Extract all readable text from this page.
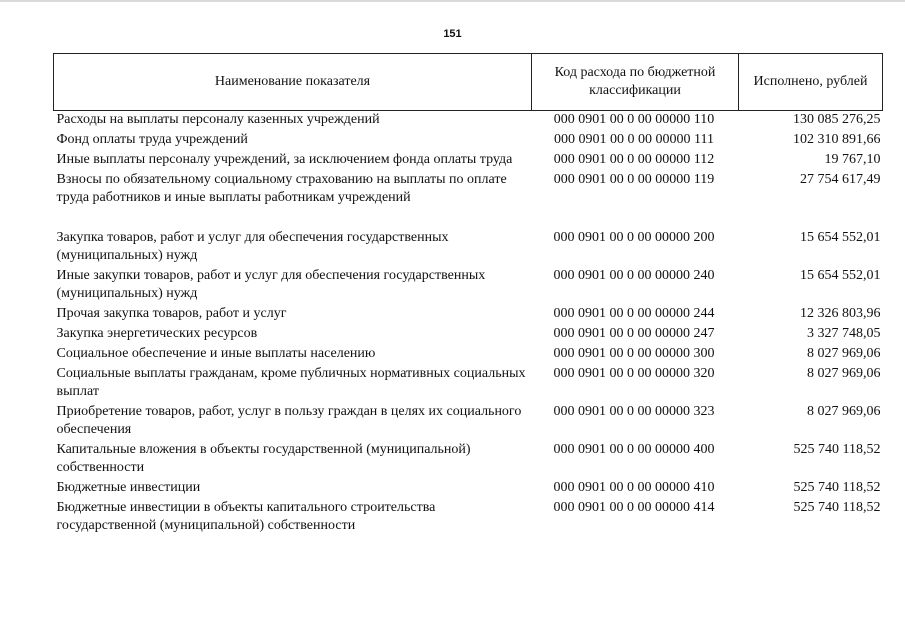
151
Наименование показателя	Код расхода по бюджетной классификации	Исполнено, рублей
Расходы на выплаты персоналу казенных учреждений	000 0901 00 0 00 00000 110	130 085 276,25
Фонд оплаты труда учреждений	000 0901 00 0 00 00000 111	102 310 891,66
Иные выплаты персоналу учреждений, за исключением фонда оплаты труда	000 0901 00 0 00 00000 112	19 767,10
Взносы по обязательному социальному страхованию на выплаты по оплате труда работников и иные выплаты работникам учреждений	000 0901 00 0 00 00000 119	27 754 617,49
Закупка товаров, работ и услуг для обеспечения государственных (муниципальных) нужд	000 0901 00 0 00 00000 200	15 654 552,01
Иные закупки товаров, работ и услуг для обеспечения государственных (муниципальных) нужд	000 0901 00 0 00 00000 240	15 654 552,01
Прочая закупка товаров, работ и услуг	000 0901 00 0 00 00000 244	12 326 803,96
Закупка энергетических ресурсов	000 0901 00 0 00 00000 247	3 327 748,05
Социальное обеспечение и иные выплаты населению	000 0901 00 0 00 00000 300	8 027 969,06
Социальные выплаты гражданам, кроме публичных нормативных социальных выплат	000 0901 00 0 00 00000 320	8 027 969,06
Приобретение товаров, работ, услуг в пользу граждан в целях их социального обеспечения	000 0901 00 0 00 00000 323	8 027 969,06
Капитальные вложения в объекты государственной (муниципальной) собственности	000 0901 00 0 00 00000 400	525 740 118,52
Бюджетные инвестиции	000 0901 00 0 00 00000 410	525 740 118,52
Бюджетные инвестиции в объекты капитального строительства государственной (муниципальной) собственности	000 0901 00 0 00 00000 414	525 740 118,52
